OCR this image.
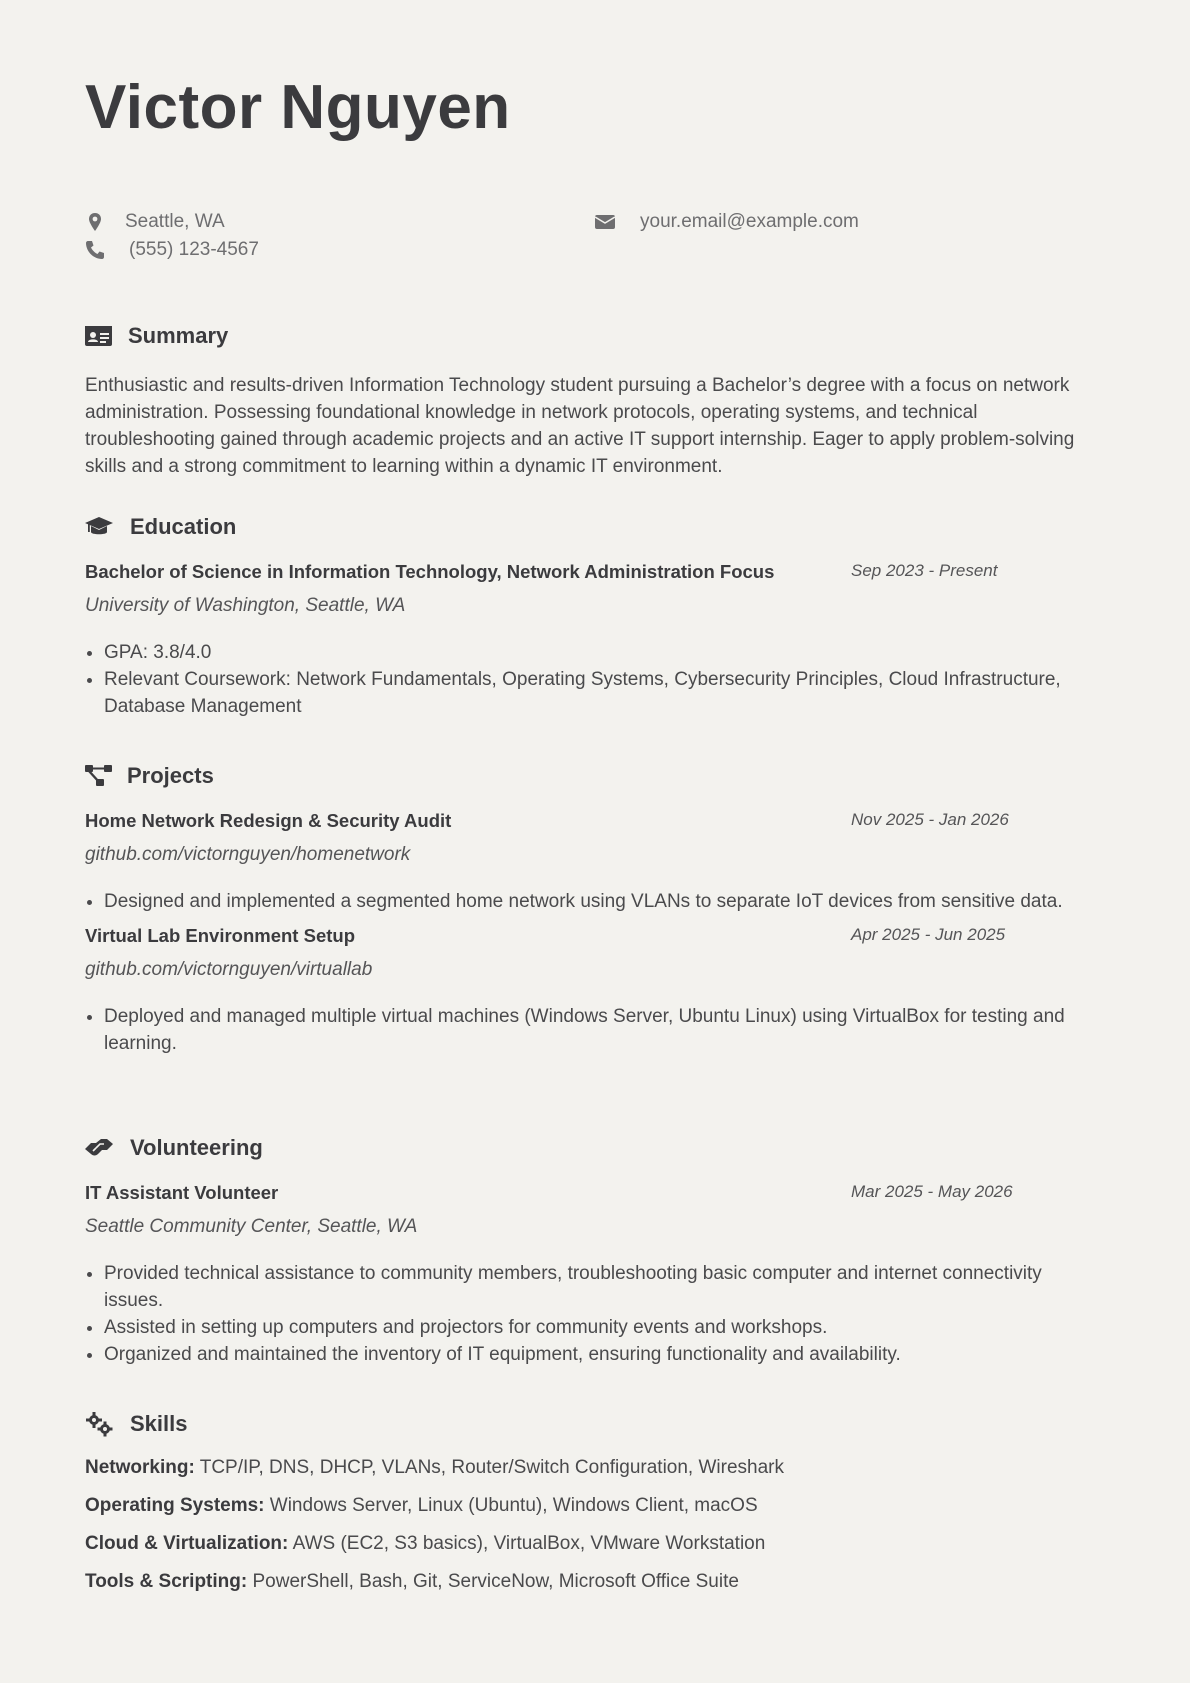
Victor Nguyen
Seattle, WA	your.email@example.com
(555) 123-4567
Summary

Enthusiastic and results-driven Information Technology student pursuing a Bachelor’s degree with a focus on network administration. Possessing foundational knowledge in network protocols, operating systems, and technical troubleshooting gained through academic projects and an active IT support internship. Eager to apply problem-solving skills and a strong commitment to learning within a dynamic IT environment.

Education
Bachelor of Science in Information Technology, Network Administration Focus	Sep 2023 - Present
University of Washington, Seattle, WA
GPA: 3.8/4.0
Relevant Coursework: Network Fundamentals, Operating Systems, Cybersecurity Principles, Cloud Infrastructure, Database Management
Projects
Home Network Redesign & Security Audit	Nov 2025 - Jan 2026
github.com/victornguyen/homenetwork
Designed and implemented a segmented home network using VLANs to separate IoT devices from sensitive data.
Virtual Lab Environment Setup	Apr 2025 - Jun 2025
github.com/victornguyen/virtuallab
Deployed and managed multiple virtual machines (Windows Server, Ubuntu Linux) using VirtualBox for testing and learning.
Volunteering
IT Assistant Volunteer	Mar 2025 - May 2026
Seattle Community Center, Seattle, WA
Provided technical assistance to community members, troubleshooting basic computer and internet connectivity issues.
Assisted in setting up computers and projectors for community events and workshops.
Organized and maintained the inventory of IT equipment, ensuring functionality and availability.
Skills
Networking: TCP/IP, DNS, DHCP, VLANs, Router/Switch Configuration, Wireshark
Operating Systems: Windows Server, Linux (Ubuntu), Windows Client, macOS
Cloud & Virtualization: AWS (EC2, S3 basics), VirtualBox, VMware Workstation
Tools & Scripting: PowerShell, Bash, Git, ServiceNow, Microsoft Office Suite
